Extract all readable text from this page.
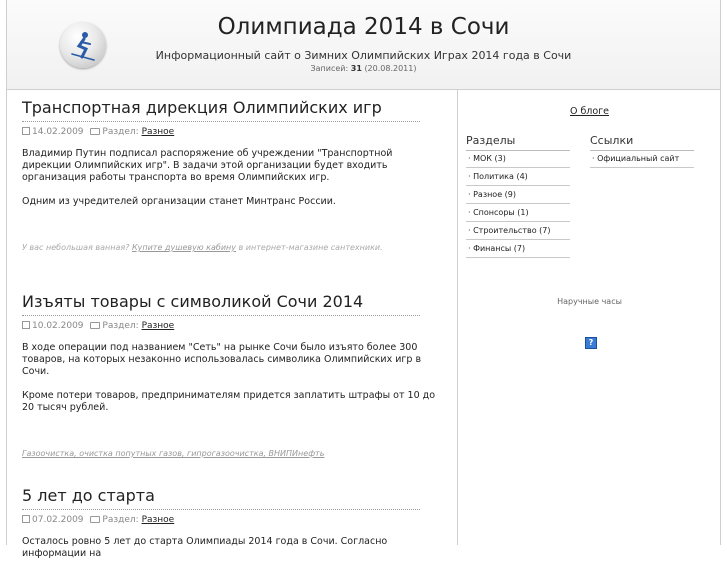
Олимпиада 2014 в Сочи
Информационный сайт о Зимних Олимпийских Играх 2014 года в Сочи
Записей: 31 (20.08.2011)
Транспортная дирекция Олимпийских игр
14.02.2009 Раздел: Разное

Владимир Путин подписал распоряжение об учреждении "Транспортной дирекции Олимпийских игр". В задачи этой организации будет входить организация работы транспорта во время Олимпийских игр.

Одним из учредителей организации станет Минтранс России.

У вас небольшая ванная? Купите душевую кабину в интернет-магазине сантехники.

Изъяты товары с символикой Сочи 2014
10.02.2009 Раздел: Разное

В ходе операции под названием "Сеть" на рынке Сочи было изъято более 300 товаров, на которых незаконно использовалась символика Олимпийских игр в Сочи.

Кроме потери товаров, предпринимателям придется заплатить штрафы от 10 до 20 тысяч рублей.

Газоочистка, очистка попутных газов, гипрогазоочистка, ВНИПИнефть

5 лет до старта
07.02.2009 Раздел: Разное

Осталось ровно 5 лет до старта Олимпиады 2014 года в Сочи. Согласно информации на

О блоге
Разделы
· МОК (3)
· Политика (4)
· Разное (9)
· Спонсоры (1)
· Строительство (7)
· Финансы (7)
Ссылки
· Официальный сайт
Наручные часы
?
